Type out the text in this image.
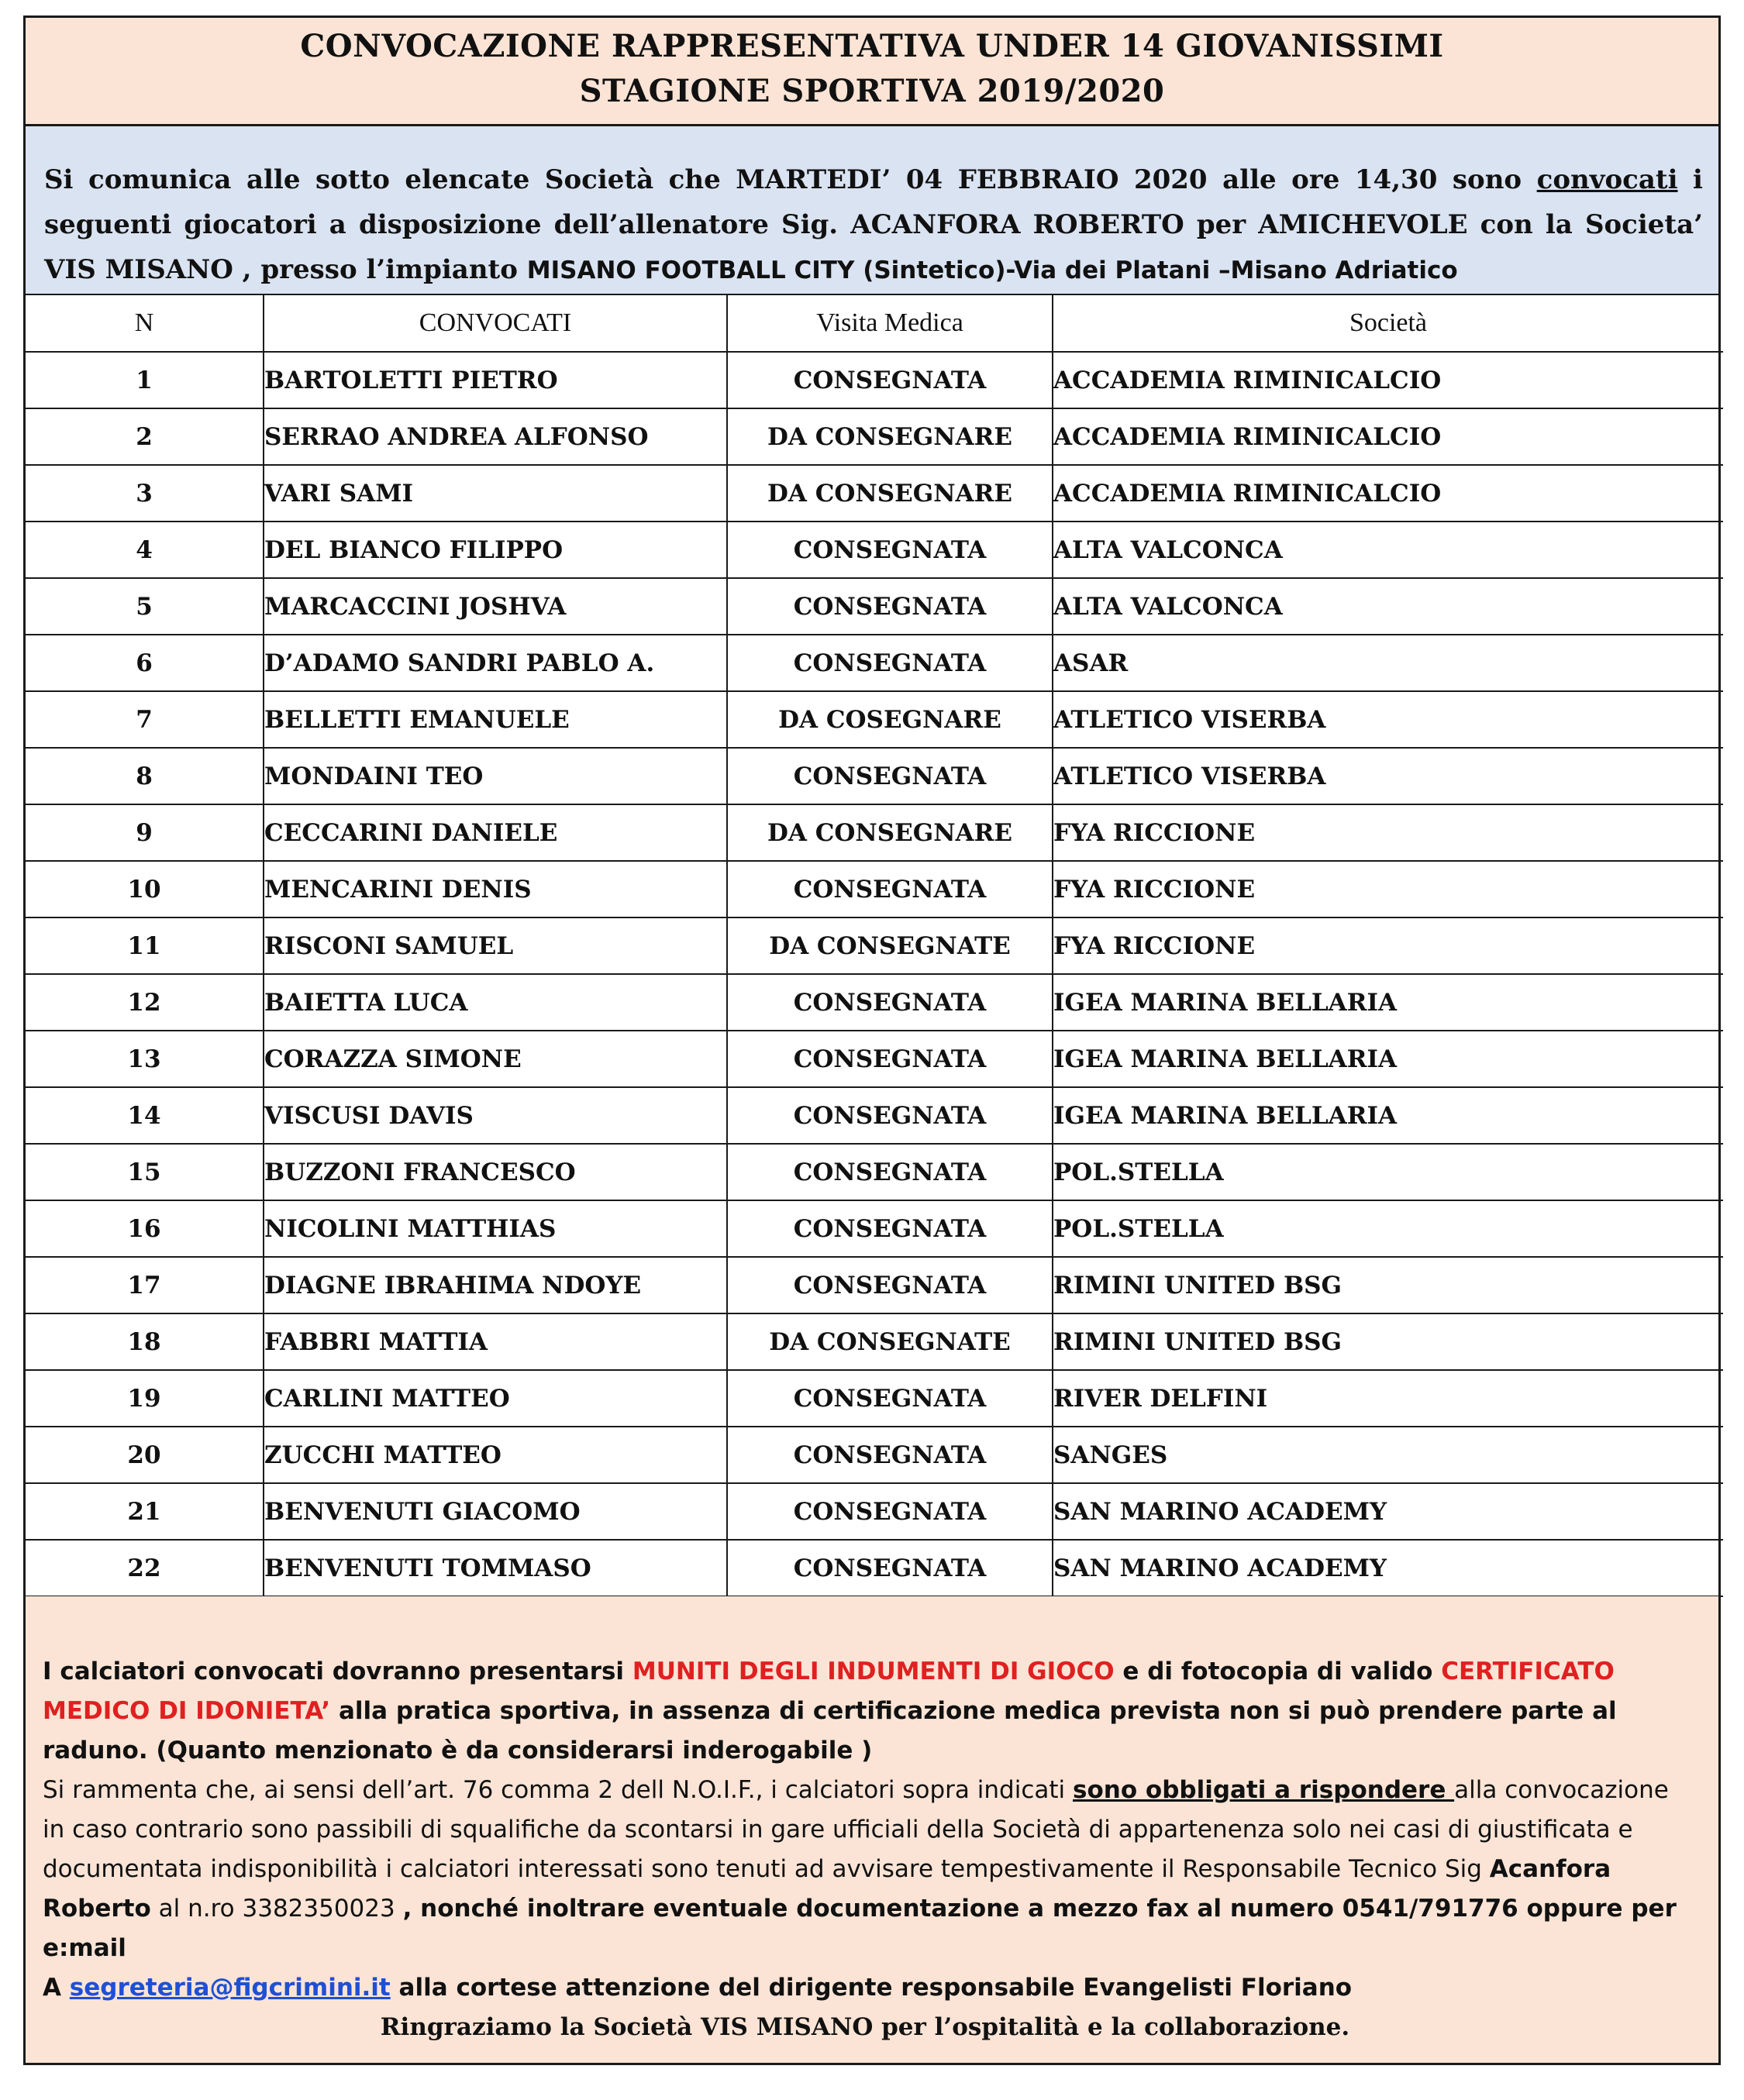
CONVOCAZIONE RAPPRESENTATIVA UNDER 14 GIOVANISSIMI
STAGIONE SPORTIVA 2019/2020

Si comunica alle sotto elencate Società che MARTEDI’ 04 FEBBRAIO 2020 alle ore 14,30 sono convocati i seguenti giocatori a disposizione dell’allenatore Sig. ACANFORA ROBERTO per AMICHEVOLE con la Societa’ VIS MISANO , presso l’impianto MISANO FOOTBALL CITY (Sintetico)-Via dei Platani –Misano Adriatico

N	CONVOCATI	Visita Medica	Società
1	BARTOLETTI PIETRO	CONSEGNATA	ACCADEMIA RIMINICALCIO
2	SERRAO ANDREA ALFONSO	DA CONSEGNARE	ACCADEMIA RIMINICALCIO
3	VARI SAMI	DA CONSEGNARE	ACCADEMIA RIMINICALCIO
4	DEL BIANCO FILIPPO	CONSEGNATA	ALTA VALCONCA
5	MARCACCINI JOSHVA	CONSEGNATA	ALTA VALCONCA
6	D’ADAMO SANDRI PABLO A.	CONSEGNATA	ASAR
7	BELLETTI EMANUELE	DA COSEGNARE	ATLETICO VISERBA
8	MONDAINI TEO	CONSEGNATA	ATLETICO VISERBA
9	CECCARINI DANIELE	DA CONSEGNARE	FYA RICCIONE
10	MENCARINI DENIS	CONSEGNATA	FYA RICCIONE
11	RISCONI SAMUEL	DA CONSEGNATE	FYA RICCIONE
12	BAIETTA LUCA	CONSEGNATA	IGEA MARINA BELLARIA
13	CORAZZA SIMONE	CONSEGNATA	IGEA MARINA BELLARIA
14	VISCUSI DAVIS	CONSEGNATA	IGEA MARINA BELLARIA
15	BUZZONI FRANCESCO	CONSEGNATA	POL.STELLA
16	NICOLINI MATTHIAS	CONSEGNATA	POL.STELLA
17	DIAGNE IBRAHIMA NDOYE	CONSEGNATA	RIMINI UNITED BSG
18	FABBRI MATTIA	DA CONSEGNATE	RIMINI UNITED BSG
19	CARLINI MATTEO	CONSEGNATA	RIVER DELFINI
20	ZUCCHI MATTEO	CONSEGNATA	SANGES
21	BENVENUTI GIACOMO	CONSEGNATA	SAN MARINO ACADEMY
22	BENVENUTI TOMMASO	CONSEGNATA	SAN MARINO ACADEMY

I calciatori convocati dovranno presentarsi MUNITI DEGLI INDUMENTI DI GIOCO e di fotocopia di valido CERTIFICATO MEDICO DI IDONIETA’ alla pratica sportiva, in assenza di certificazione medica prevista non si può prendere parte al raduno. (Quanto menzionato è da considerarsi inderogabile )

Si rammenta che, ai sensi dell’art. 76 comma 2 dell N.O.I.F., i calciatori sopra indicati sono obbligati a rispondere alla convocazione in caso contrario sono passibili di squalifiche da scontarsi in gare ufficiali della Società di appartenenza solo nei casi di giustificata e documentata indisponibilità i calciatori interessati sono tenuti ad avvisare tempestivamente il Responsabile Tecnico Sig Acanfora Roberto al n.ro 3382350023 , nonché inoltrare eventuale documentazione a mezzo fax al numero 0541/791776 oppure per e:mail

A segreteria@figcrimini.it alla cortese attenzione del dirigente responsabile Evangelisti Floriano

Ringraziamo la Società VIS MISANO per l’ospitalità e la collaborazione.
